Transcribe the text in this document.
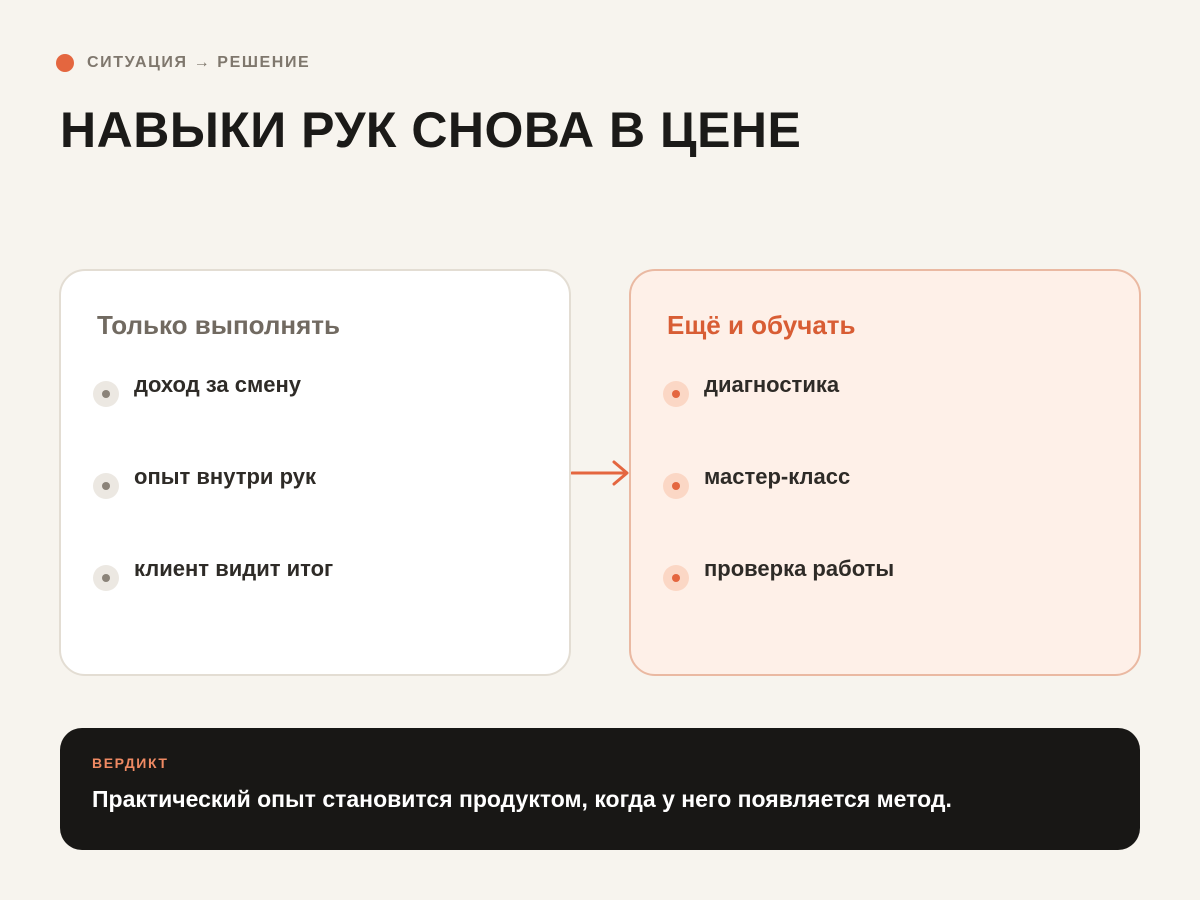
СИТУАЦИЯ → РЕШЕНИЕ
НАВЫКИ РУК СНОВА В ЦЕНЕ
Только выполнять
доход за смену
опыт внутри рук
клиент видит итог
Ещё и обучать
диагностика
мастер-класс
проверка работы
ВЕРДИКТ
Практический опыт становится продуктом, когда у него появляется метод.
